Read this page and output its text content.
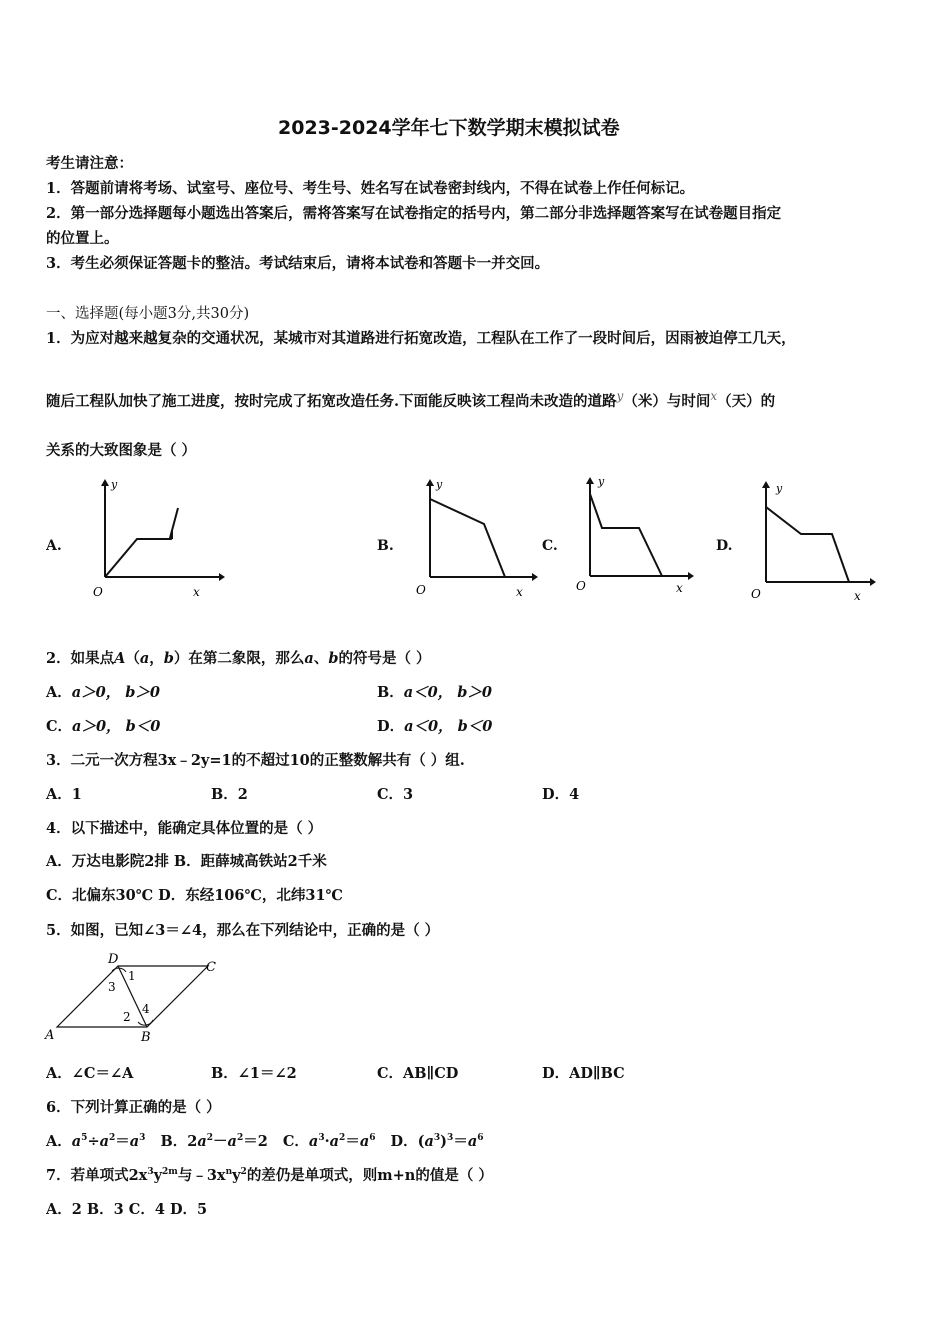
2023-2024学年七下数学期末模拟试卷
考生请注意：
1．答题前请将考场、试室号、座位号、考生号、姓名写在试卷密封线内，不得在试卷上作任何标记。
2．第一部分选择题每小题选出答案后，需将答案写在试卷指定的括号内，第二部分非选择题答案写在试卷题目指定
的位置上。
3．考生必须保证答题卡的整洁。考试结束后，请将本试卷和答题卡一并交回。
一、选择题(每小题3分,共30分)
1．为应对越来越复杂的交通状况，某城市对其道路进行拓宽改造，工程队在工作了一段时间后，因雨被迫停工几天，
随后工程队加快了施工进度，按时完成了拓宽改造任务.下面能反映该工程尚未改造的道路$^y$（米）与时间$^x$（天）的
关系的大致图象是（ ）
A.	B.	C.	D.
y
O	x
y
O	x
y
O	x
y
O	x
2．如果点A（a，b）在第二象限，那么a、b的符号是（ ）
A．a＞0， b＞0	B．a＜0， b＞0
C．a＞0， b＜0	D．a＜0， b＜0
3．二元一次方程3x﹣2y=1的不超过10的正整数解共有（ ）组.
A．1	B．2	C．3	D．4
4．以下描述中，能确定具体位置的是（ ）
A．万达电影院2排 B．距薛城高铁站2千米
C．北偏东30℃ D．东经106℃，北纬31℃
5．如图，已知∠3＝∠4，那么在下列结论中，正确的是（ ）
D
C
A	B
1
3
2
4
A．∠C＝∠A	B．∠1＝∠2	C．AB∥CD	D．AD∥BC
6．下列计算正确的是（ ）
A．$a^5\div a^2=a^3$ B．$2a^2-a^2=2$ C．$a^3\cdot a^2=a^6$ D．$(a^3)^3=a^6$
7．若单项式$2x^3y^{2m}$与$﹣3x^ny^2$的差仍是单项式，则m+n的值是（ ）
A．2 B．3 C．4 D．5
